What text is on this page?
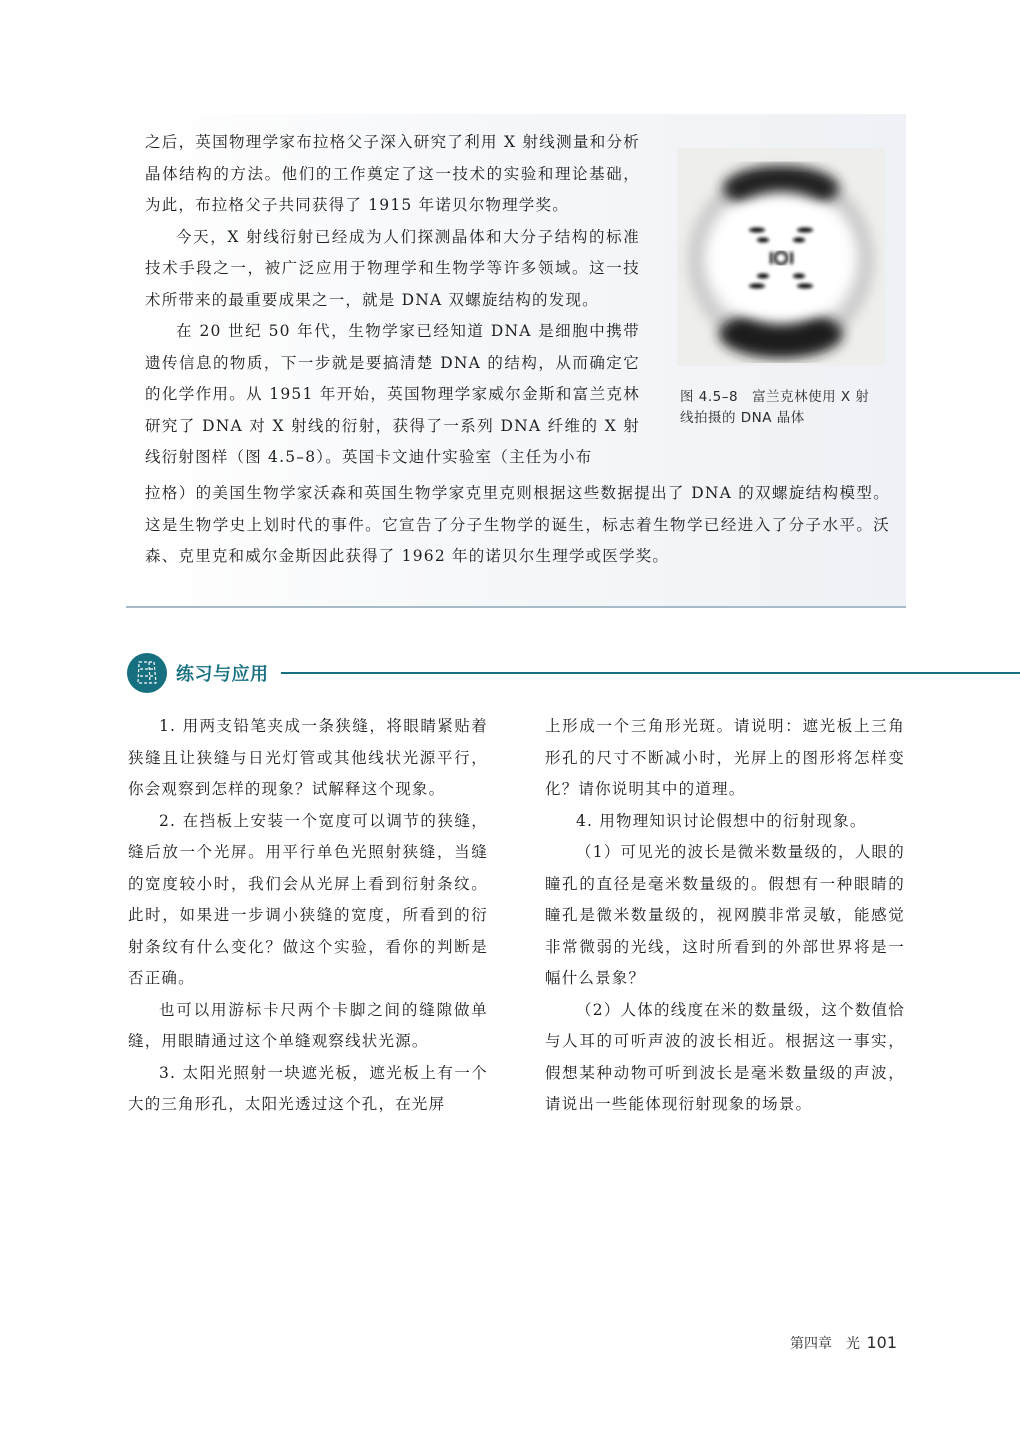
之后，英国物理学家布拉格父子深入研究了利用 X 射线测量和分析晶体结构的方法。他们的工作奠定了这一技术的实验和理论基础，为此，布拉格父子共同获得了 1915 年诺贝尔物理学奖。

今天，X 射线衍射已经成为人们探测晶体和大分子结构的标准技术手段之一，被广泛应用于物理学和生物学等许多领域。这一技术所带来的最重要成果之一，就是 DNA 双螺旋结构的发现。

在 20 世纪 50 年代，生物学家已经知道 DNA 是细胞中携带遗传信息的物质，下一步就是要搞清楚 DNA 的结构，从而确定它的化学作用。从 1951 年开始，英国物理学家威尔金斯和富兰克林研究了 DNA 对 X 射线的衍射，获得了一系列 DNA 纤维的 X 射线衍射图样（图 4.5–8）。英国卡文迪什实验室（主任为小布

图 4.5–8　富兰克林使用 X 射
线拍摄的 DNA 晶体

拉格）的美国生物学家沃森和英国生物学家克里克则根据这些数据提出了 DNA 的双螺旋结构模型。这是生物学史上划时代的事件。它宣告了分子生物学的诞生，标志着生物学已经进入了分子水平。沃森、克里克和威尔金斯因此获得了 1962 年的诺贝尔生理学或医学奖。

练习与应用

1. 用两支铅笔夹成一条狭缝，将眼睛紧贴着狭缝且让狭缝与日光灯管或其他线状光源平行，你会观察到怎样的现象？试解释这个现象。

2. 在挡板上安装一个宽度可以调节的狭缝，缝后放一个光屏。用平行单色光照射狭缝，当缝的宽度较小时，我们会从光屏上看到衍射条纹。此时，如果进一步调小狭缝的宽度，所看到的衍射条纹有什么变化？做这个实验，看你的判断是否正确。

也可以用游标卡尺两个卡脚之间的缝隙做单缝，用眼睛通过这个单缝观察线状光源。

3. 太阳光照射一块遮光板，遮光板上有一个大的三角形孔，太阳光透过这个孔，在光屏

上形成一个三角形光斑。请说明：遮光板上三角形孔的尺寸不断减小时，光屏上的图形将怎样变化？请你说明其中的道理。

4. 用物理知识讨论假想中的衍射现象。

（1）可见光的波长是微米数量级的，人眼的瞳孔的直径是毫米数量级的。假想有一种眼睛的瞳孔是微米数量级的，视网膜非常灵敏，能感觉非常微弱的光线，这时所看到的外部世界将是一幅什么景象？

（2）人体的线度在米的数量级，这个数值恰与人耳的可听声波的波长相近。根据这一事实，假想某种动物可听到波长是毫米数量级的声波，请说出一些能体现衍射现象的场景。

第四章　光 101
